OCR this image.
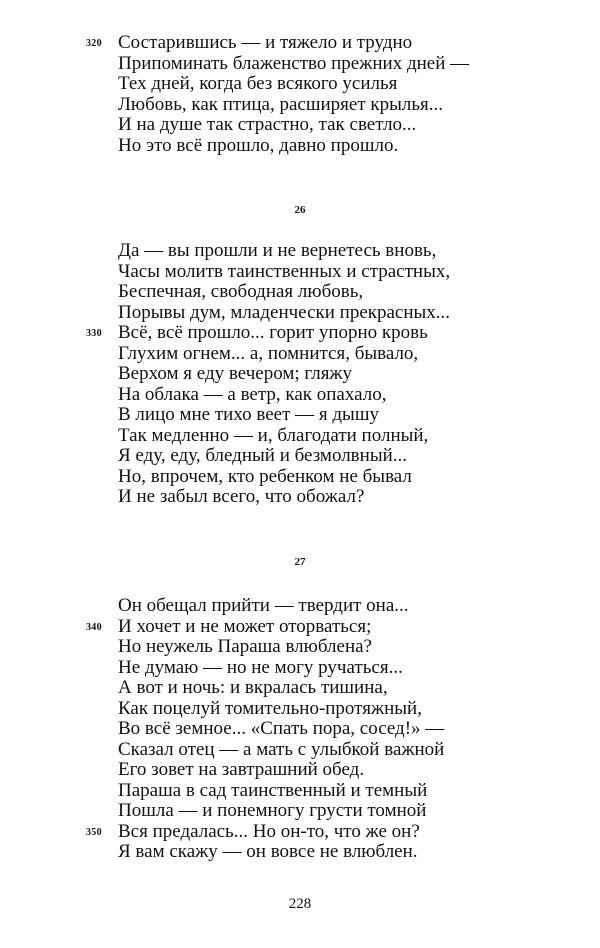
320 Состарившись — и тяжело и трудно
Припоминать блаженство прежних дней —
Тех дней, когда без всякого усилья
Любовь, как птица, расширяет крылья...
И на душе так страстно, так светло...
Но это всё прошло, давно прошло.
26
Да — вы прошли и не вернетесь вновь,
Часы молитв таинственных и страстных,
Беспечная, свободная любовь,
Порывы дум, младенчески прекрасных...
330 Всё, всё прошло... горит упорно кровь
Глухим огнем... а, помнится, бывало,
Верхом я еду вечером; гляжу
На облака — а ветр, как опахало,
В лицо мне тихо веет — я дышу
Так медленно — и, благодати полный,
Я еду, еду, бледный и безмолвный...
Но, впрочем, кто ребенком не бывал
И не забыл всего, что обожал?
27
Он обещал прийти — твердит она...
340 И хочет и не может оторваться;
Но неужель Параша влюблена?
Не думаю — но не могу ручаться...
А вот и ночь: и вкралась тишина,
Как поцелуй томительно-протяжный,
Во всё земное... «Спать пора, сосед!» —
Сказал отец — а мать с улыбкой важной
Его зовет на завтрашний обед.
Параша в сад таинственный и темный
Пошла — и понемногу грусти томной
350 Вся предалась... Но он-то, что же он?
Я вам скажу — он вовсе не влюблен.
228
